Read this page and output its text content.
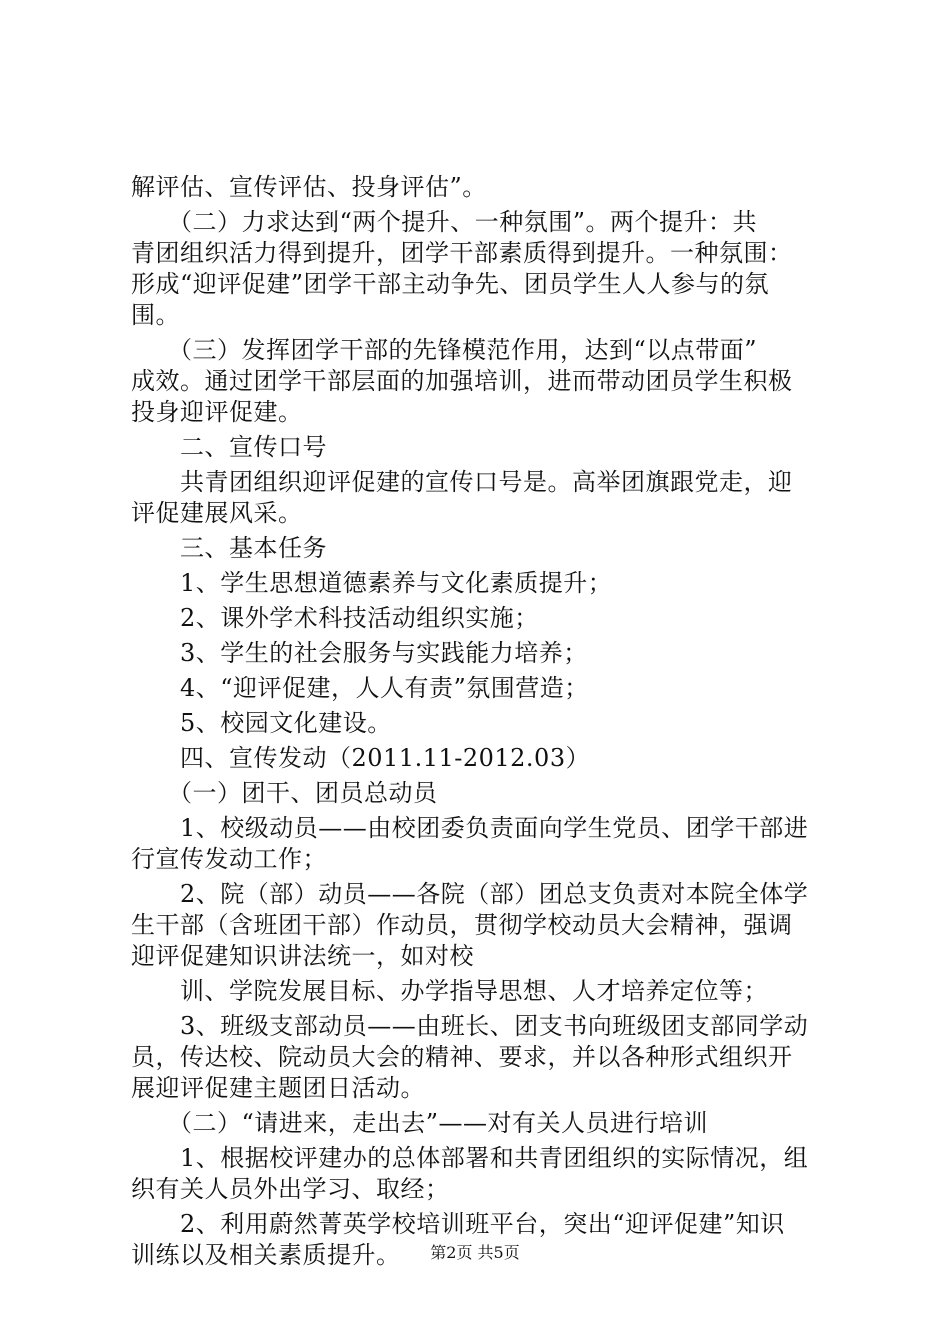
解评估、宣传评估、投身评估”。
　　（二）力求达到“两个提升、一种氛围”。两个提升：共
青团组织活力得到提升，团学干部素质得到提升。一种氛围：
形成“迎评促建”团学干部主动争先、团员学生人人参与的氛
围。
　　（三）发挥团学干部的先锋模范作用，达到“以点带面”
成效。通过团学干部层面的加强培训，进而带动团员学生积极
投身迎评促建。
　　二、宣传口号
　　共青团组织迎评促建的宣传口号是。高举团旗跟党走，迎
评促建展风采。
　　三、基本任务
　　1、学生思想道德素养与文化素质提升；
　　2、课外学术科技活动组织实施；
　　3、学生的社会服务与实践能力培养；
　　4、“迎评促建，人人有责”氛围营造；
　　5、校园文化建设。
　　四、宣传发动（2011.11-2012.03）
　　（一）团干、团员总动员
　　1、校级动员——由校团委负责面向学生党员、团学干部进
行宣传发动工作；
　　2、院（部）动员——各院（部）团总支负责对本院全体学
生干部（含班团干部）作动员，贯彻学校动员大会精神，强调
迎评促建知识讲法统一，如对校
　　训、学院发展目标、办学指导思想、人才培养定位等；
　　3、班级支部动员——由班长、团支书向班级团支部同学动
员，传达校、院动员大会的精神、要求，并以各种形式组织开
展迎评促建主题团日活动。
　　（二）“请进来，走出去”——对有关人员进行培训
　　1、根据校评建办的总体部署和共青团组织的实际情况，组
织有关人员外出学习、取经；
　　2、利用蔚然菁英学校培训班平台，突出“迎评促建”知识
训练以及相关素质提升。	第2页 共5页
